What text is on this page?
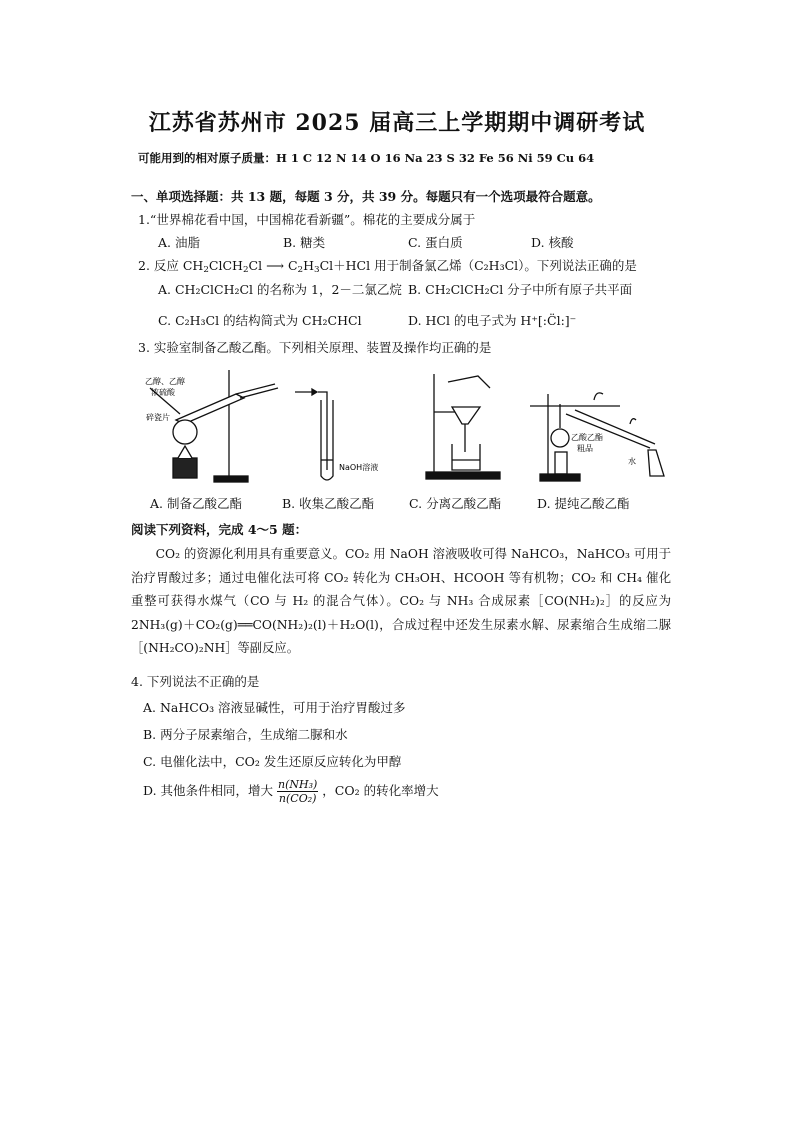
江苏省苏州市 2025 届高三上学期期中调研考试
可能用到的相对原子质量：H 1 C 12 N 14 O 16 Na 23 S 32 Fe 56 Ni 59 Cu 64
一、单项选择题：共 13 题，每题 3 分，共 39 分。每题只有一个选项最符合题意。
1.“世界棉花看中国，中国棉花看新疆”。棉花的主要成分属于
A. 油脂	B. 糖类	C. 蛋白质	D. 核酸
2. 反应 $CH_2ClCH_2Cl$ ⟶ $C_2H_3Cl+HCl$ 用于制备氯乙烯（C₂H₃Cl）。下列说法正确的是
A. CH₂ClCH₂Cl 的名称为 1，2－二氯乙烷 B. CH₂ClCH₂Cl 分子中所有原子共平面
C. C₂H₃Cl 的结构简式为 CH₂CHCl	D. HCl 的电子式为 H⁺[:C̈l:]⁻
3. 实验室制备乙酸乙酯。下列相关原理、装置及操作均正确的是
乙醇、乙醇
浓硫酸
碎瓷片
NaOH溶液
乙酸乙酯
粗品
水
A. 制备乙酸乙酯	B. 收集乙酸乙酯	C. 分离乙酸乙酯	D. 提纯乙酸乙酯
阅读下列资料，完成 4～5 题：

CO₂ 的资源化利用具有重要意义。CO₂ 用 NaOH 溶液吸收可得 NaHCO₃，NaHCO₃ 可用于治疗胃酸过多；通过电催化法可将 CO₂ 转化为 CH₃OH、HCOOH 等有机物；CO₂ 和 CH₄ 催化重整可获得水煤气（CO 与 H₂ 的混合气体）。CO₂ 与 NH₃ 合成尿素［CO(NH₂)₂］的反应为 2NH₃(g)＋CO₂(g)══CO(NH₂)₂(l)＋H₂O(l)，合成过程中还发生尿素水解、尿素缩合生成缩二脲［(NH₂CO)₂NH］等副反应。

4. 下列说法不正确的是
A. NaHCO₃ 溶液显碱性，可用于治疗胃酸过多
B. 两分子尿素缩合，生成缩二脲和水
C. 电催化法中，CO₂ 发生还原反应转化为甲醇
D. 其他条件相同，增大 $\frac{\text{n(NH₃)}}{\text{n(CO₂)}}$ ，CO₂ 的转化率增大
